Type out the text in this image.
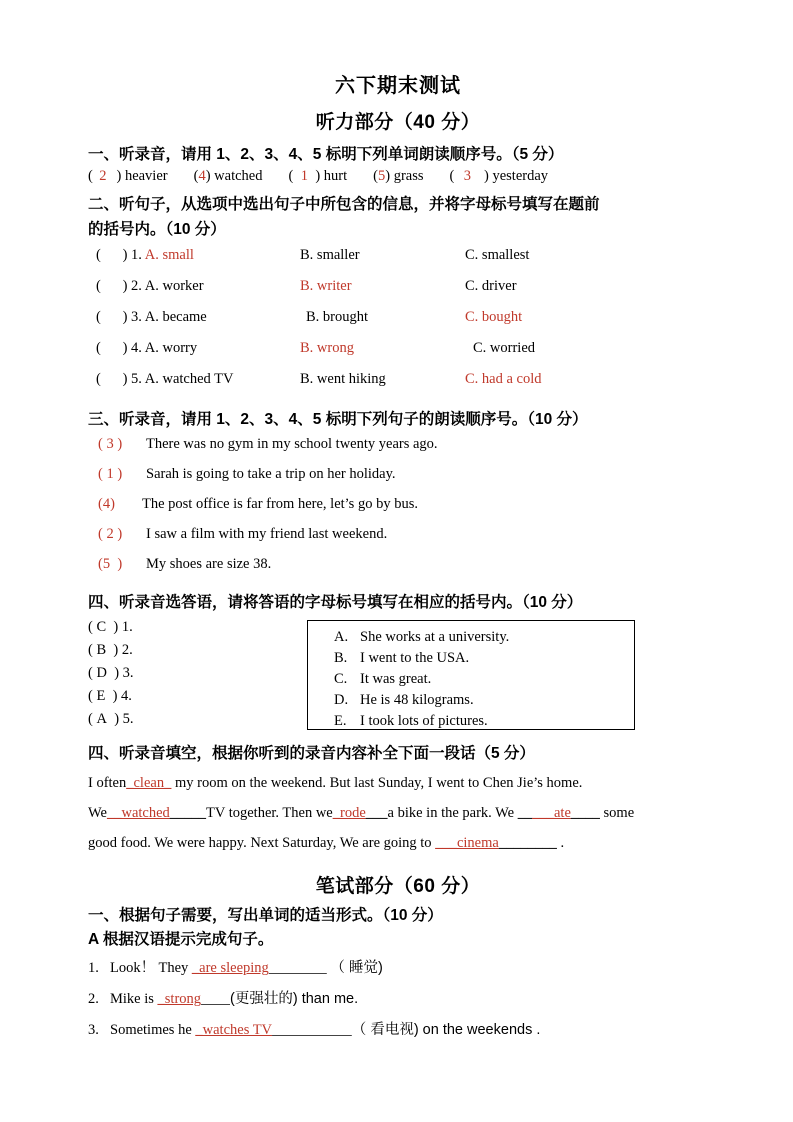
六下期末测试
听力部分（40 分）
一、听录音，请用 1、2、3、4、5 标明下列单词朗读顺序号。（5 分）
( 2 ) heavier (4) watched ( 1 ) hurt (5) grass ( 3 ) yesterday
二、听句子，从选项中选出句子中所包含的信息，并将字母标号填写在题前
的括号内。（10 分）
(      ) 1. A. small	B. smaller	C. smallest
(      ) 2. A. worker	B. writer	C. driver
(      ) 3. A. became	B. brought	C. bought
(      ) 4. A. worry	B. wrong	C. worried
(      ) 5. A. watched TV	B. went hiking	C. had a cold
三、听录音，请用 1、2、3、4、5 标明下列句子的朗读顺序号。（10 分）
( 3 ) There was no gym in my school twenty years ago.
( 1 ) Sarah is going to take a trip on her holiday.
(4) The post office is far from here, let’s go by bus.
( 2 ) I saw a film with my friend last weekend.
(5  ) My shoes are size 38.
四、听录音选答语，请将答语的字母标号填写在相应的括号内。（10 分）
( C  ) 1.
( B  ) 2.
( D  ) 3.
( E  ) 4.
( A  ) 5.
A. She works at a university.
B. I went to the USA.
C. It was great.
D. He is 48 kilograms.
E. I took lots of pictures.
四、听录音填空，根据你听到的录音内容补全下面一段话（5 分）
I often_clean_ my room on the weekend. But last Sunday, I went to Chen Jie’s home.
We__watched_____TV together. Then we_rode___a bike in the park. We _____ate____ some
good food. We were happy. Next Saturday, We are going to ___cinema________ .
笔试部分（60 分）
一、根据句子需要，写出单词的适当形式。（10 分）
A 根据汉语提示完成句子。
1. Look！ They _are sleeping	（ 睡觉)
2. Mike is _strong (更强壮的) than me.
3. Sometimes he _watches TV	（ 看电视) on the weekends .
